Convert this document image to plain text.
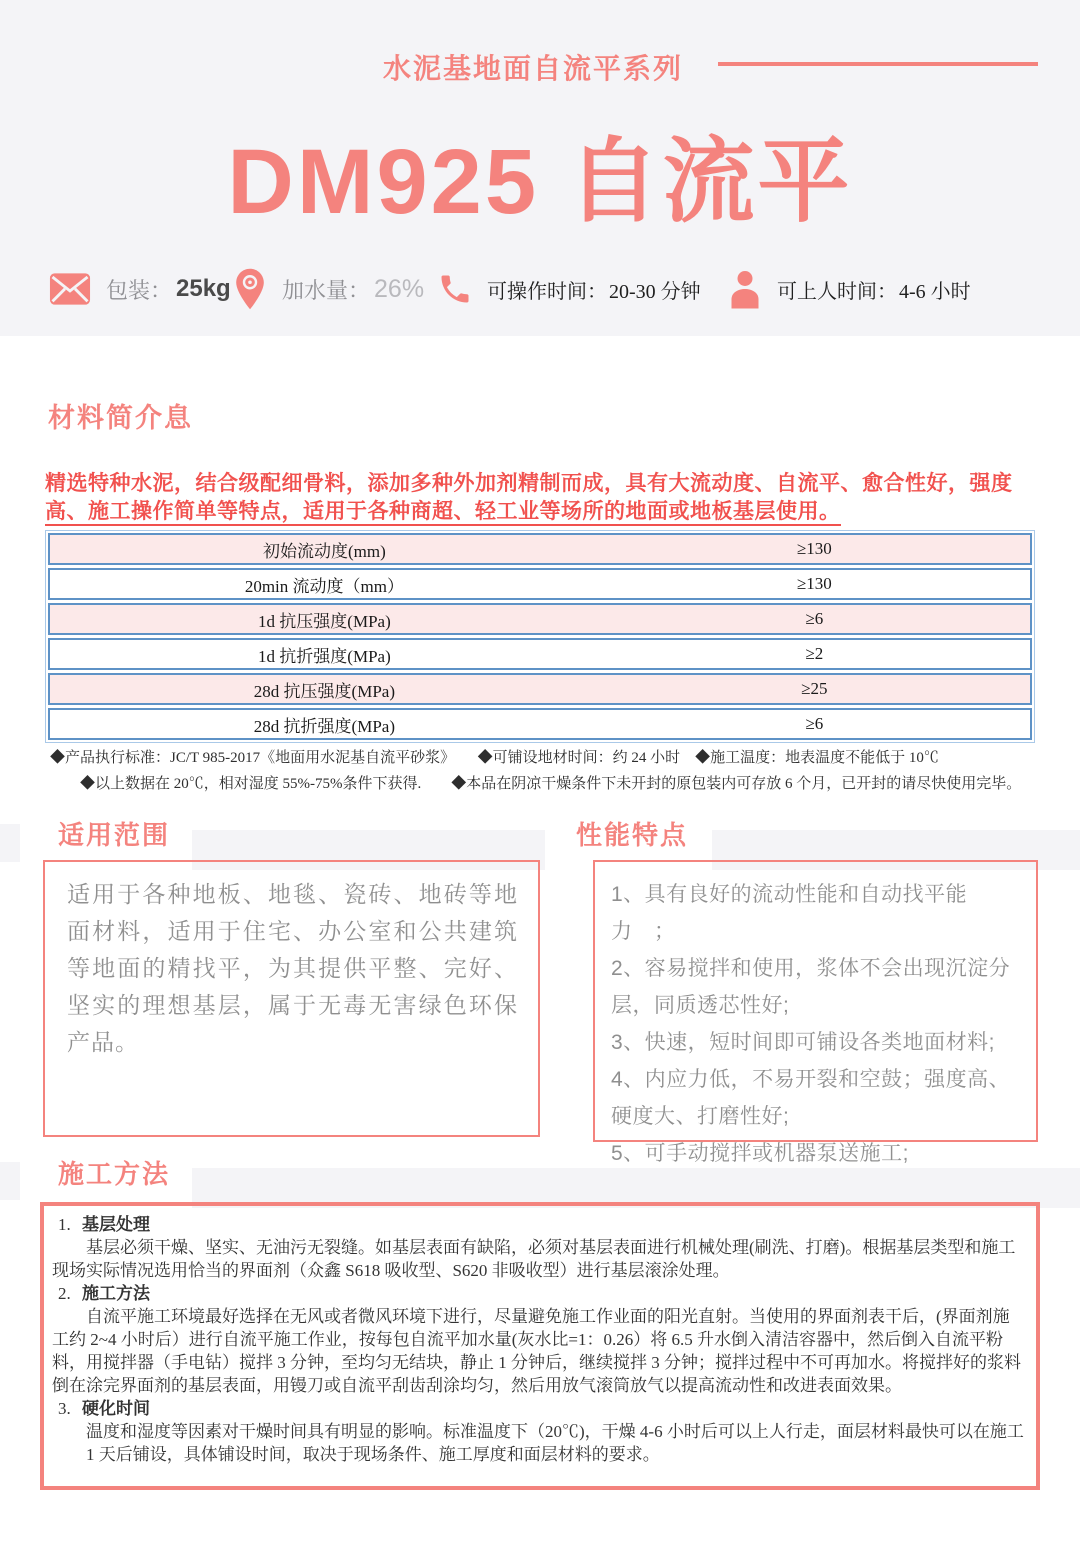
水泥基地面自流平系列
DM925 自流平
包装： 25kg 加水量： 26%	可操作时间： 20-30 分钟	可上人时间： 4-6 小时
材料简介息
精选特种水泥，结合级配细骨料，添加多种外加剂精制而成，具有大流动度、自流平、愈合性好，强度
高、施工操作简单等特点，适用于各种商超、轻工业等场所的地面或地板基层使用。
初始流动度(mm)	≥130
20min 流动度（mm）	≥130
1d 抗压强度(MPa)	≥6
1d 抗折强度(MPa)	≥2
28d 抗压强度(MPa)	≥25
28d 抗折强度(MPa)	≥6
◆产品执行标准：JC/T 985-2017《地面用水泥基自流平砂浆》　　◆可铺设地材时间：约 24 小时　◆施工温度：地表温度不能低于 10℃
◆以上数据在 20℃，相对湿度 55%-75%条件下获得.　　◆本品在阴凉干燥条件下未开封的原包装内可存放 6 个月，已开封的请尽快使用完毕。
适用范围	性能特点
适用于各种地板、地毯、瓷砖、地砖等地面材料，适用于住宅、办公室和公共建筑等地面的精找平，为其提供平整、完好、坚实的理想基层，属于无毒无害绿色环保产品。
1、具有良好的流动性能和自动找平能力　；
2、容易搅拌和使用，浆体不会出现沉淀分层，同质透芯性好;
3、快速，短时间即可铺设各类地面材料;
4、内应力低，不易开裂和空鼓；强度高、硬度大、打磨性好;
5、可手动搅拌或机器泵送施工;
施工方法
1. 基层处理
基层必须干燥、坚实、无油污无裂缝。如基层表面有缺陷，必须对基层表面进行机械处理(刷洗、打磨)。根据基层类型和施工现场实际情况选用恰当的界面剂（众鑫 S618 吸收型、S620 非吸收型）进行基层滚涂处理。
2. 施工方法
自流平施工环境最好选择在无风或者微风环境下进行，尽量避免施工作业面的阳光直射。当使用的界面剂表干后，(界面剂施工约 2~4 小时后）进行自流平施工作业，按每包自流平加水量(灰水比=1：0.26）将 6.5 升水倒入清洁容器中，然后倒入自流平粉料，用搅拌器（手电钻）搅拌 3 分钟，至均匀无结块，静止 1 分钟后，继续搅拌 3 分钟；搅拌过程中不可再加水。将搅拌好的浆料倒在涂完界面剂的基层表面，用镘刀或自流平刮齿刮涂均匀，然后用放气滚筒放气以提高流动性和改进表面效果。
3. 硬化时间
温度和湿度等因素对干燥时间具有明显的影响。标准温度下（20℃)，干燥 4-6 小时后可以上人行走，面层材料最快可以在施工
1 天后铺设，具体铺设时间，取决于现场条件、施工厚度和面层材料的要求。
